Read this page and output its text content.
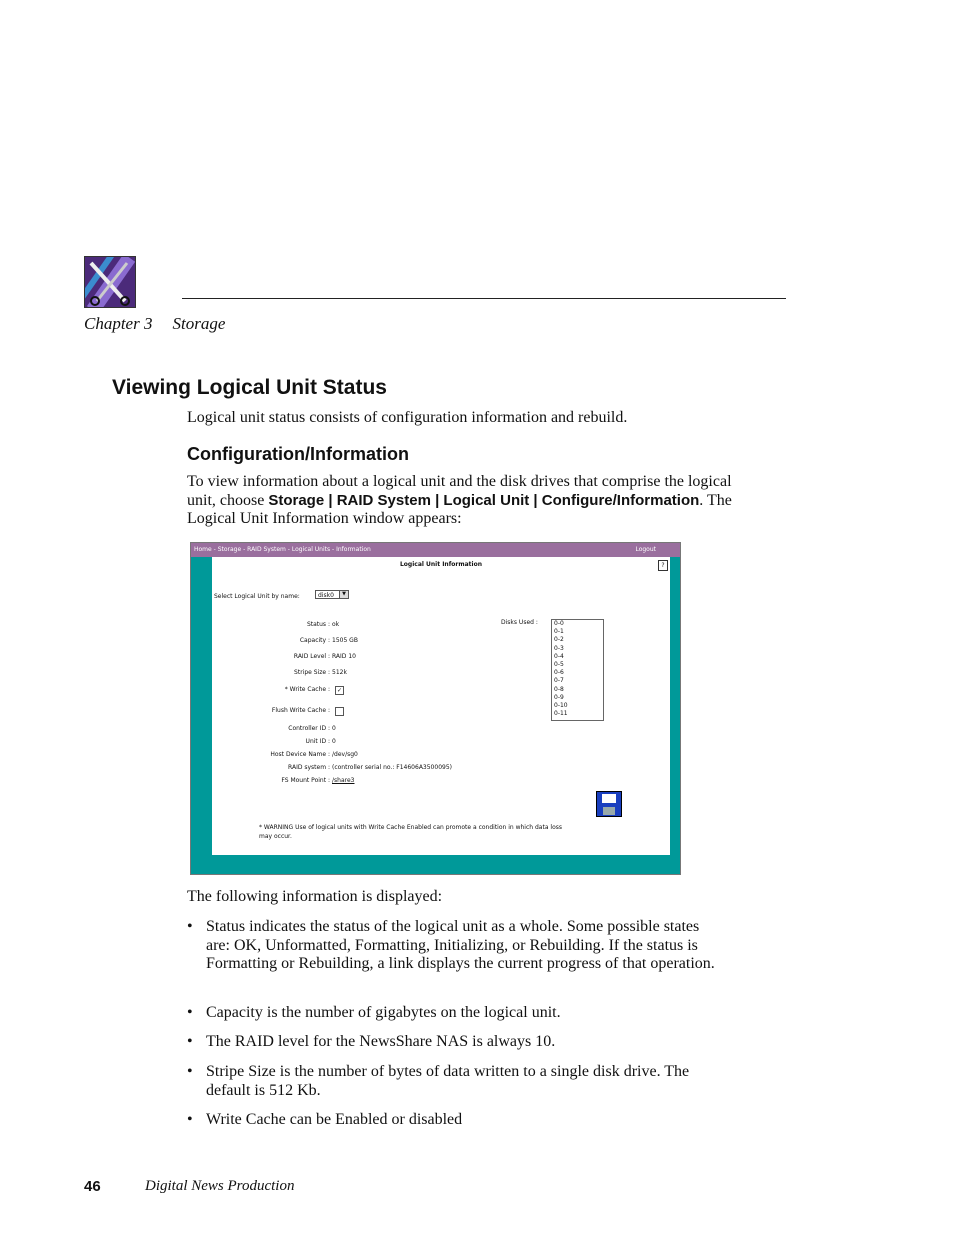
Chapter 3 Storage
Viewing Logical Unit Status
Logical unit status consists of configuration information and rebuild.
Configuration/Information
To view information about a logical unit and the disk drives that comprise the logical unit, choose Storage | RAID System | Logical Unit | Configure/Information. The Logical Unit Information window appears:
Home - Storage - RAID System - Logical Units - Information	Logout
Logical Unit Information	?
Select Logical Unit by name:	disk0	▼
Status : ok
Capacity : 1505 GB
RAID Level : RAID 10
Stripe Size : 512k
* Write Cache :	✓
Flush Write Cache :
Controller ID : 0
Unit ID : 0
Host Device Name : /dev/sg0
RAID system : (controller serial no.: F14606A3500095)
FS Mount Point : /share3
Disks Used :	0-0
0-1
0-2
0-3
0-4
0-5
0-6
0-7
0-8
0-9
0-10
0-11
* WARNING Use of logical units with Write Cache Enabled can promote a condition in which data loss
may occur.
The following information is displayed:
• Status indicates the status of the logical unit as a whole. Some possible states are: OK, Unformatted, Formatting, Initializing, or Rebuilding. If the status is Formatting or Rebuilding, a link displays the current progress of that operation.
• Capacity is the number of gigabytes on the logical unit.
• The RAID level for the NewsShare NAS is always 10.
• Stripe Size is the number of bytes of data written to a single disk drive. The default is 512 Kb.
• Write Cache can be Enabled or disabled
46	Digital News Production
